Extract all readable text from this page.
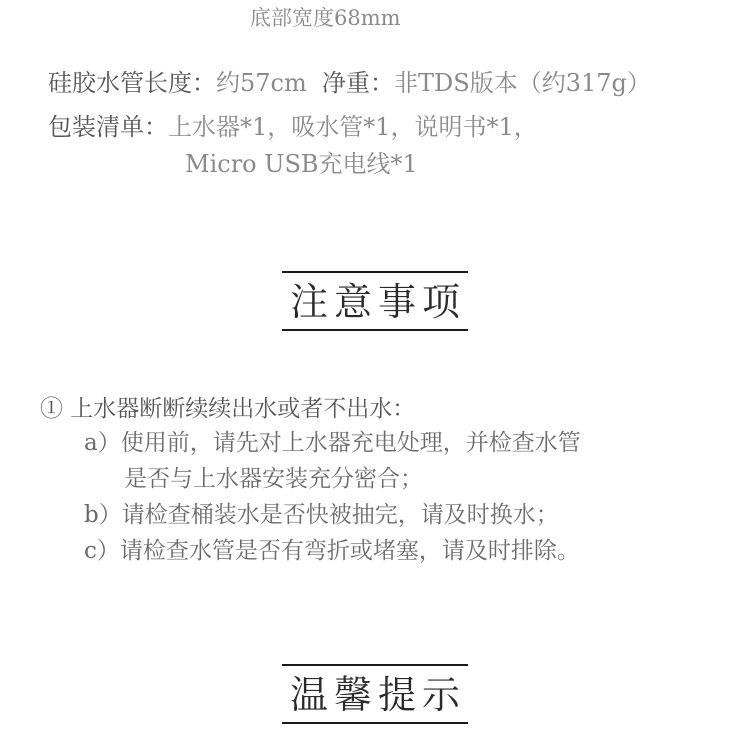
底部宽度68mm
硅胶水管长度：约57cm 净重：非TDS版本（约317g）
包装清单：上水器*1，吸水管*1，说明书*1，
Micro USB充电线*1
注意事项
① 上水器断断续续出水或者不出水：
a）使用前，请先对上水器充电处理，并检查水管
是否与上水器安装充分密合；
b）请检查桶装水是否快被抽完，请及时换水；
c）请检查水管是否有弯折或堵塞，请及时排除。
温馨提示
